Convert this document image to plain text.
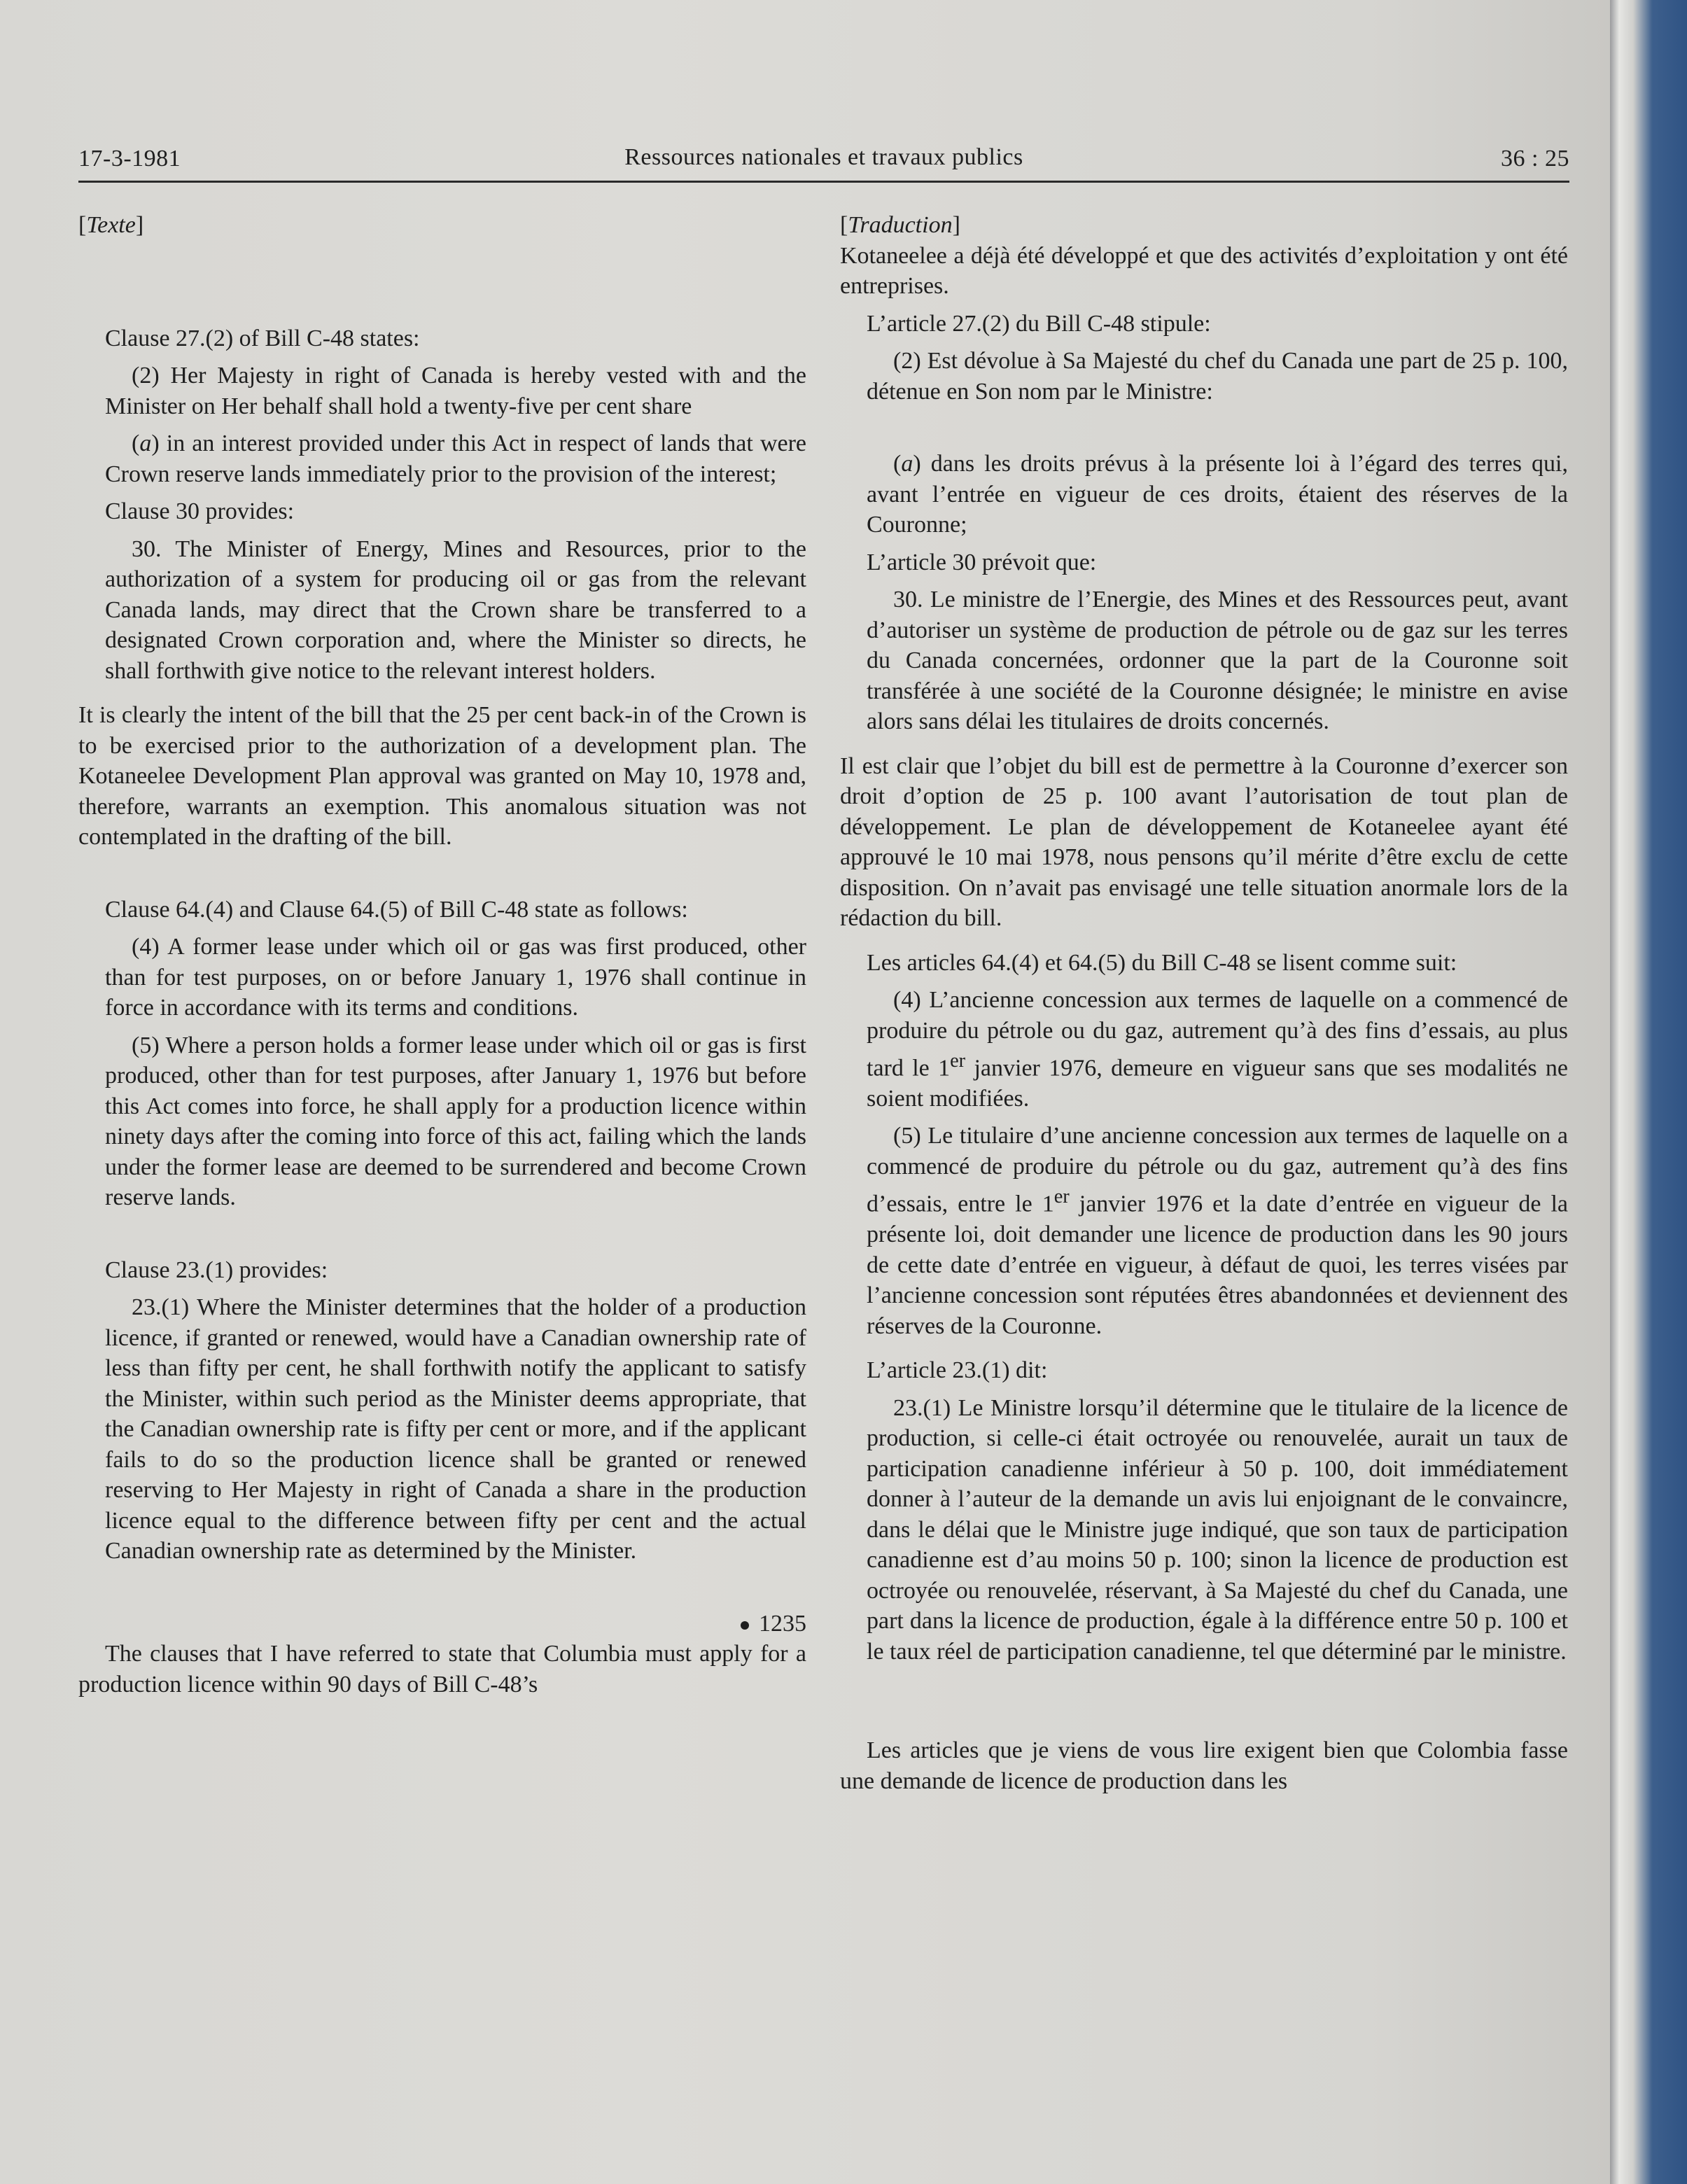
17-3-1981	Ressources nationales et travaux publics	36 : 25

[Texte]

Clause 27.(2) of Bill C-48 states:

(2) Her Majesty in right of Canada is hereby vested with and the Minister on Her behalf shall hold a twenty-five per cent share

(a) in an interest provided under this Act in respect of lands that were Crown reserve lands immediately prior to the provision of the interest;

Clause 30 provides:

30. The Minister of Energy, Mines and Resources, prior to the authorization of a system for producing oil or gas from the relevant Canada lands, may direct that the Crown share be transferred to a designated Crown corporation and, where the Minister so directs, he shall forthwith give notice to the relevant interest holders.

It is clearly the intent of the bill that the 25 per cent back-in of the Crown is to be exercised prior to the authorization of a development plan. The Kotaneelee Development Plan approval was granted on May 10, 1978 and, therefore, warrants an exemption. This anomalous situation was not contemplated in the drafting of the bill.

Clause 64.(4) and Clause 64.(5) of Bill C-48 state as follows:

(4) A former lease under which oil or gas was first produced, other than for test purposes, on or before January 1, 1976 shall continue in force in accordance with its terms and conditions.

(5) Where a person holds a former lease under which oil or gas is first produced, other than for test purposes, after January 1, 1976 but before this Act comes into force, he shall apply for a production licence within ninety days after the coming into force of this act, failing which the lands under the former lease are deemed to be surrendered and become Crown reserve lands.

Clause 23.(1) provides:

23.(1) Where the Minister determines that the holder of a production licence, if granted or renewed, would have a Canadian ownership rate of less than fifty per cent, he shall forthwith notify the applicant to satisfy the Minister, within such period as the Minister deems appropriate, that the Canadian ownership rate is fifty per cent or more, and if the applicant fails to do so the production licence shall be granted or renewed reserving to Her Majesty in right of Canada a share in the production licence equal to the difference between fifty per cent and the actual Canadian ownership rate as determined by the Minister.

1235

The clauses that I have referred to state that Columbia must apply for a production licence within 90 days of Bill C-48’s

[Traduction]

Kotaneelee a déjà été développé et que des activités d’exploitation y ont été entreprises.

L’article 27.(2) du Bill C-48 stipule:

(2) Est dévolue à Sa Majesté du chef du Canada une part de 25 p. 100, détenue en Son nom par le Ministre:

(a) dans les droits prévus à la présente loi à l’égard des terres qui, avant l’entrée en vigueur de ces droits, étaient des réserves de la Couronne;

L’article 30 prévoit que:

30. Le ministre de l’Energie, des Mines et des Ressources peut, avant d’autoriser un système de production de pétrole ou de gaz sur les terres du Canada concernées, ordonner que la part de la Couronne soit transférée à une société de la Couronne désignée; le ministre en avise alors sans délai les titulaires de droits concernés.

Il est clair que l’objet du bill est de permettre à la Couronne d’exercer son droit d’option de 25 p. 100 avant l’autorisation de tout plan de développement. Le plan de développement de Kotaneelee ayant été approuvé le 10 mai 1978, nous pensons qu’il mérite d’être exclu de cette disposition. On n’avait pas envisagé une telle situation anormale lors de la rédaction du bill.

Les articles 64.(4) et 64.(5) du Bill C-48 se lisent comme suit:

(4) L’ancienne concession aux termes de laquelle on a commencé de produire du pétrole ou du gaz, autrement qu’à des fins d’essais, au plus tard le 1er janvier 1976, demeure en vigueur sans que ses modalités ne soient modifiées.

(5) Le titulaire d’une ancienne concession aux termes de laquelle on a commencé de produire du pétrole ou du gaz, autrement qu’à des fins d’essais, entre le 1er janvier 1976 et la date d’entrée en vigueur de la présente loi, doit demander une licence de production dans les 90 jours de cette date d’entrée en vigueur, à défaut de quoi, les terres visées par l’ancienne concession sont réputées êtres abandonnées et deviennent des réserves de la Couronne.

L’article 23.(1) dit:

23.(1) Le Ministre lorsqu’il détermine que le titulaire de la licence de production, si celle-ci était octroyée ou renouvelée, aurait un taux de participation canadienne inférieur à 50 p. 100, doit immédiatement donner à l’auteur de la demande un avis lui enjoignant de le convaincre, dans le délai que le Ministre juge indiqué, que son taux de participation canadienne est d’au moins 50 p. 100; sinon la licence de production est octroyée ou renouvelée, réservant, à Sa Majesté du chef du Canada, une part dans la licence de production, égale à la différence entre 50 p. 100 et le taux réel de participation canadienne, tel que déterminé par le ministre.

Les articles que je viens de vous lire exigent bien que Colombia fasse une demande de licence de production dans les
